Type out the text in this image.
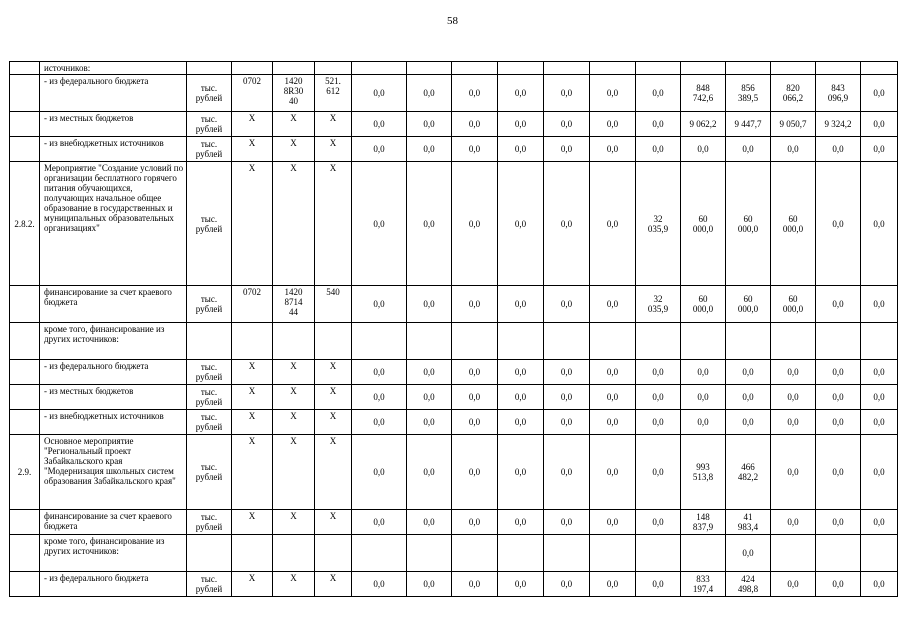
58
	источников:																
	- из федерального бюджета	тыс.
рублей	0702	1420
8R30
40	521.
612	0,0	0,0	0,0	0,0	0,0	0,0	0,0	848
742,6	856
389,5	820
066,2	843
096,9	0,0
	- из местных бюджетов	тыс.
рублей	X	X	X	0,0	0,0	0,0	0,0	0,0	0,0	0,0	9 062,2	9 447,7	9 050,7	9 324,2	0,0
	- из внебюджетных источников	тыс.
рублей	X	X	X	0,0	0,0	0,0	0,0	0,0	0,0	0,0	0,0	0,0	0,0	0,0	0,0
2.8.2.	Мероприятие "Создание условий по организации бесплатного горячего питания обучающихся, получающих начальное общее образование в государственных и муниципальных образовательных организациях"	тыс.
рублей	X	X	X	0,0	0,0	0,0	0,0	0,0	0,0	32
035,9	60
000,0	60
000,0	60
000,0	0,0	0,0
	финансирование за счет краевого бюджета	тыс.
рублей	0702	1420
8714
44	540	0,0	0,0	0,0	0,0	0,0	0,0	32
035,9	60
000,0	60
000,0	60
000,0	0,0	0,0
	кроме того, финансирование из других источников:																
	- из федерального бюджета	тыс.
рублей	X	X	X	0,0	0,0	0,0	0,0	0,0	0,0	0,0	0,0	0,0	0,0	0,0	0,0
	- из местных бюджетов	тыс.
рублей	X	X	X	0,0	0,0	0,0	0,0	0,0	0,0	0,0	0,0	0,0	0,0	0,0	0,0
	- из внебюджетных источников	тыс.
рублей	X	X	X	0,0	0,0	0,0	0,0	0,0	0,0	0,0	0,0	0,0	0,0	0,0	0,0
2.9.	Основное мероприятие "Региональный проект Забайкальского края "Модернизация школьных систем образования Забайкальского края"	тыс.
рублей	X	X	X	0,0	0,0	0,0	0,0	0,0	0,0	0,0	993
513,8	466
482,2	0,0	0,0	0,0
	финансирование за счет краевого бюджета	тыс.
рублей	X	X	X	0,0	0,0	0,0	0,0	0,0	0,0	0,0	148
837,9	41
983,4	0,0	0,0	0,0
	кроме того, финансирование из других источников:													0,0			
	- из федерального бюджета	тыс.
рублей	X	X	X	0,0	0,0	0,0	0,0	0,0	0,0	0,0	833
197,4	424
498,8	0,0	0,0	0,0
